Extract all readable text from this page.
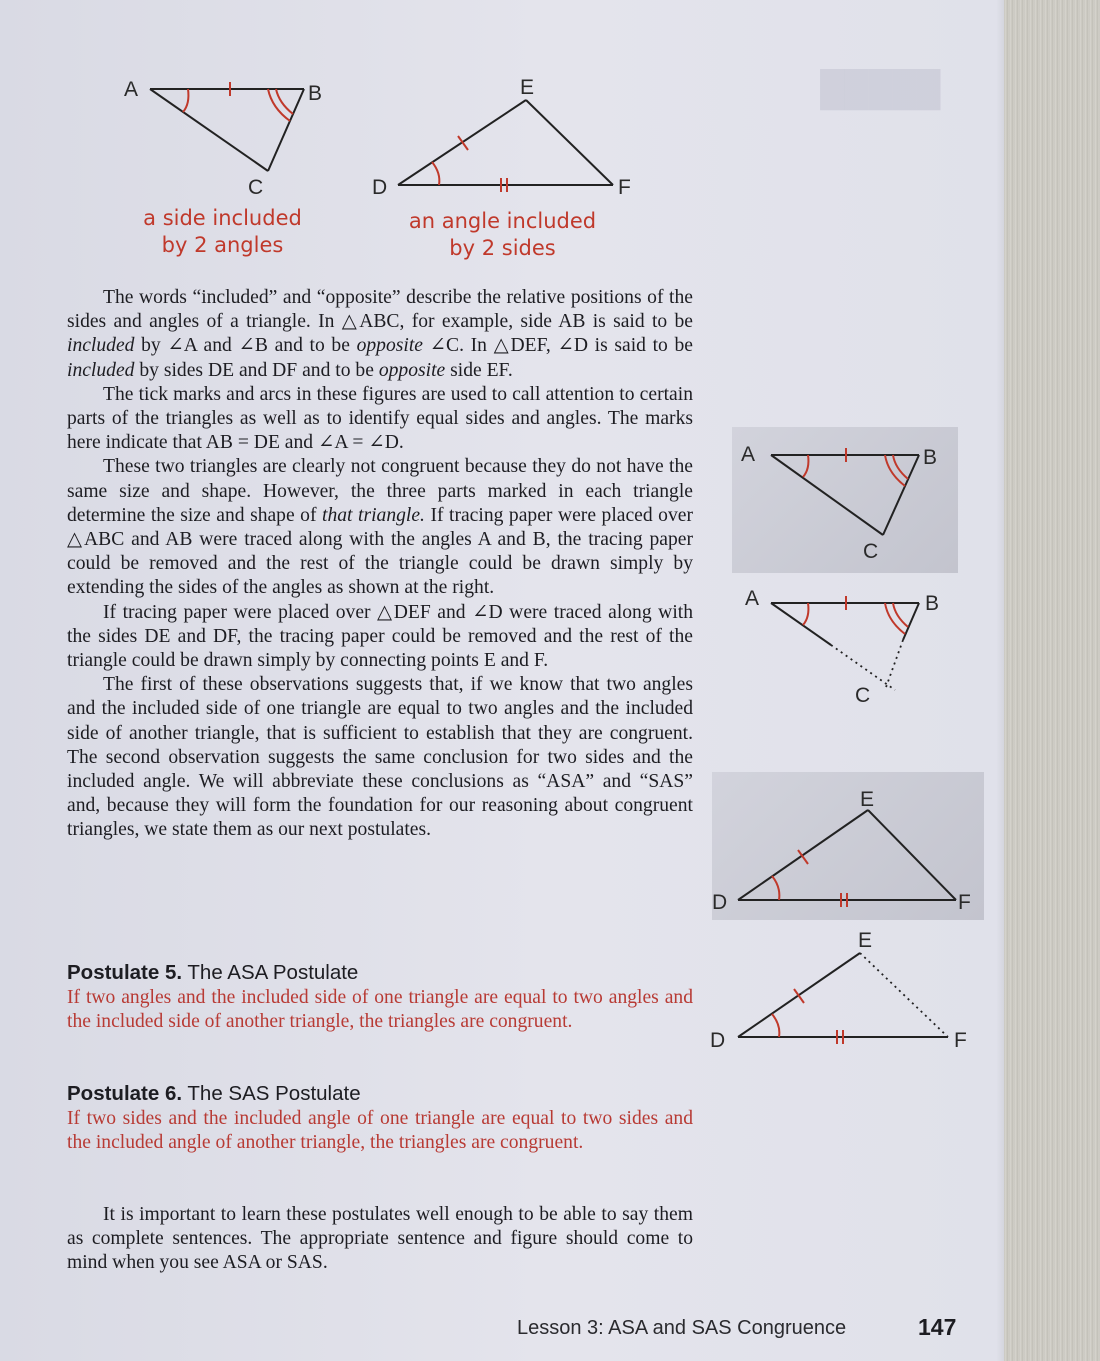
█████
A	B
C
a side included
by 2 angles
D
E
F
an angle included
by 2 sides

The words “included” and “opposite” describe the relative positions of the sides and angles of a triangle. In △ABC, for example, side AB is said to be included by ∠A and ∠B and to be opposite ∠C. In △DEF, ∠D is said to be included by sides DE and DF and to be opposite side EF.

The tick marks and arcs in these figures are used to call attention to certain parts of the triangles as well as to identify equal sides and angles. The marks here indicate that AB = DE and ∠A = ∠D.

These two triangles are clearly not congruent because they do not have the same size and shape. However, the three parts marked in each triangle determine the size and shape of that triangle. If tracing paper were placed over △ABC and AB were traced along with the angles A and B, the tracing paper could be removed and the rest of the triangle could be drawn simply by extending the sides of the angles as shown at the right.

If tracing paper were placed over △DEF and ∠D were traced along with the sides DE and DF, the tracing paper could be removed and the rest of the triangle could be drawn simply by connecting points E and F.

The first of these observations suggests that, if we know that two angles and the included side of one triangle are equal to two angles and the included side of another triangle, that is sufficient to establish that they are congruent. The second observation suggests the same conclusion for two sides and the included angle. We will abbreviate these conclusions as “ASA” and “SAS” and, because they will form the foundation for our reasoning about congruent triangles, we state them as our next postulates.

Postulate 5. The ASA Postulate
If two angles and the included side of one triangle are equal to two angles and the included side of another triangle, the triangles are congruent.
Postulate 6. The SAS Postulate
If two sides and the included angle of one triangle are equal to two sides and the included angle of another triangle, the triangles are congruent.

It is important to learn these postulates well enough to be able to say them as complete sentences. The appropriate sentence and figure should come to mind when you see ASA or SAS.

A	B
C
A	B
C
D
E
F
D
E
F
Lesson 3: ASA and SAS Congruence	147
